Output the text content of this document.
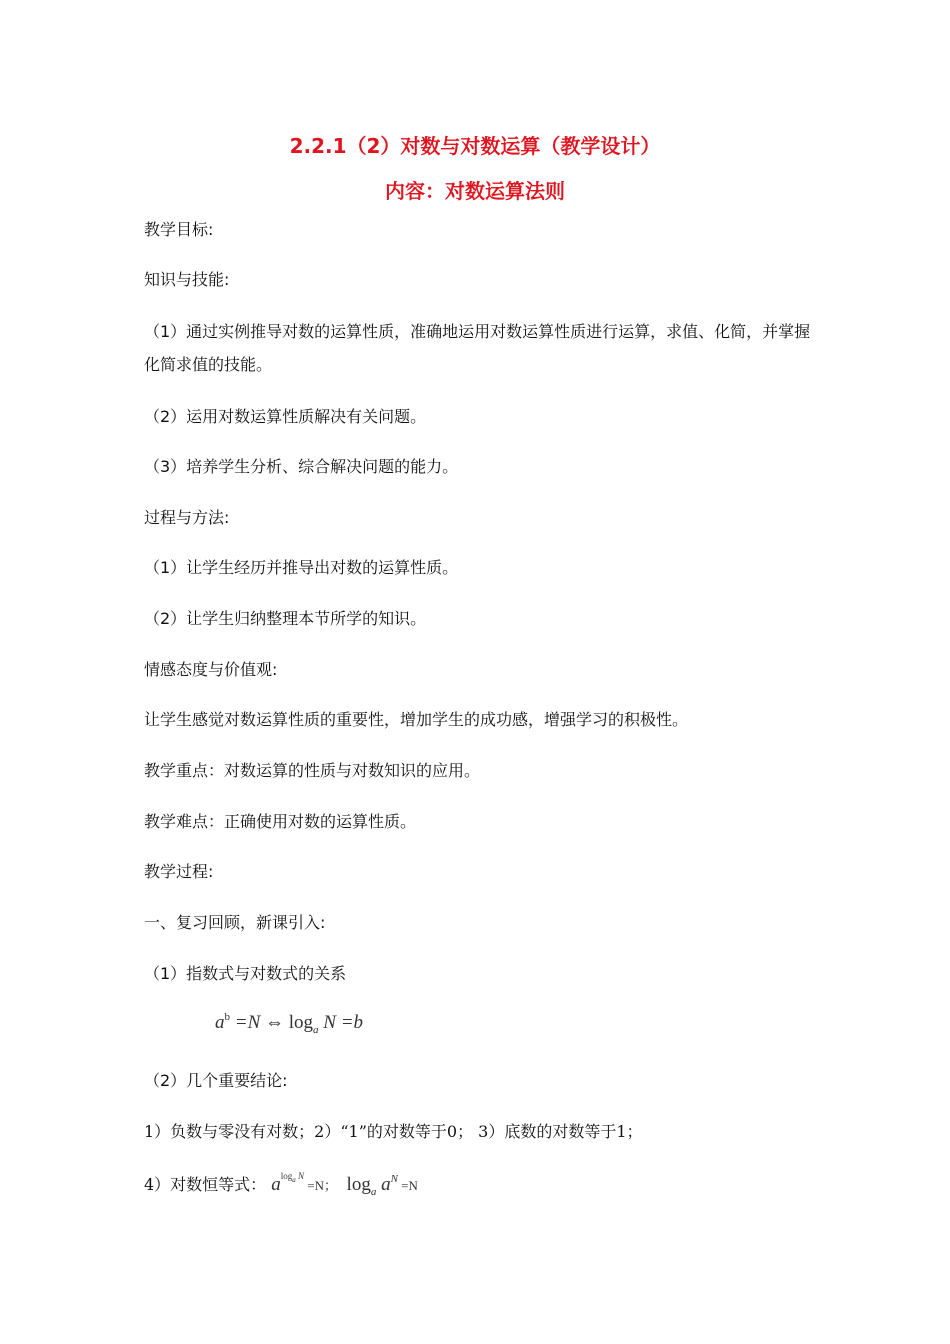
2.2.1（2）对数与对数运算（教学设计）
内容：对数运算法则

教学目标:

知识与技能:

（1）通过实例推导对数的运算性质，准确地运用对数运算性质进行运算，求值、化简，并掌握化简求值的技能。

（2）运用对数运算性质解决有关问题。

（3）培养学生分析、综合解决问题的能力。

过程与方法:

（1）让学生经历并推导出对数的运算性质。

（2）让学生归纳整理本节所学的知识。

情感态度与价值观:

让学生感觉对数运算性质的重要性，增加学生的成功感，增强学习的积极性。

教学重点：对数运算的性质与对数知识的应用。

教学难点：正确使用对数的运算性质。

教学过程:

一、复习回顾，新课引入:

（1）指数式与对数式的关系

$a^b =N$ ⇔ $\log_a N =b$

（2）几个重要结论:

1）负数与零没有对数；2）“1”的对数等于0； 3）底数的对数等于1；

4）对数恒等式： $a^{loga}$ $^N$ =N； $\log_a a^N =N$
